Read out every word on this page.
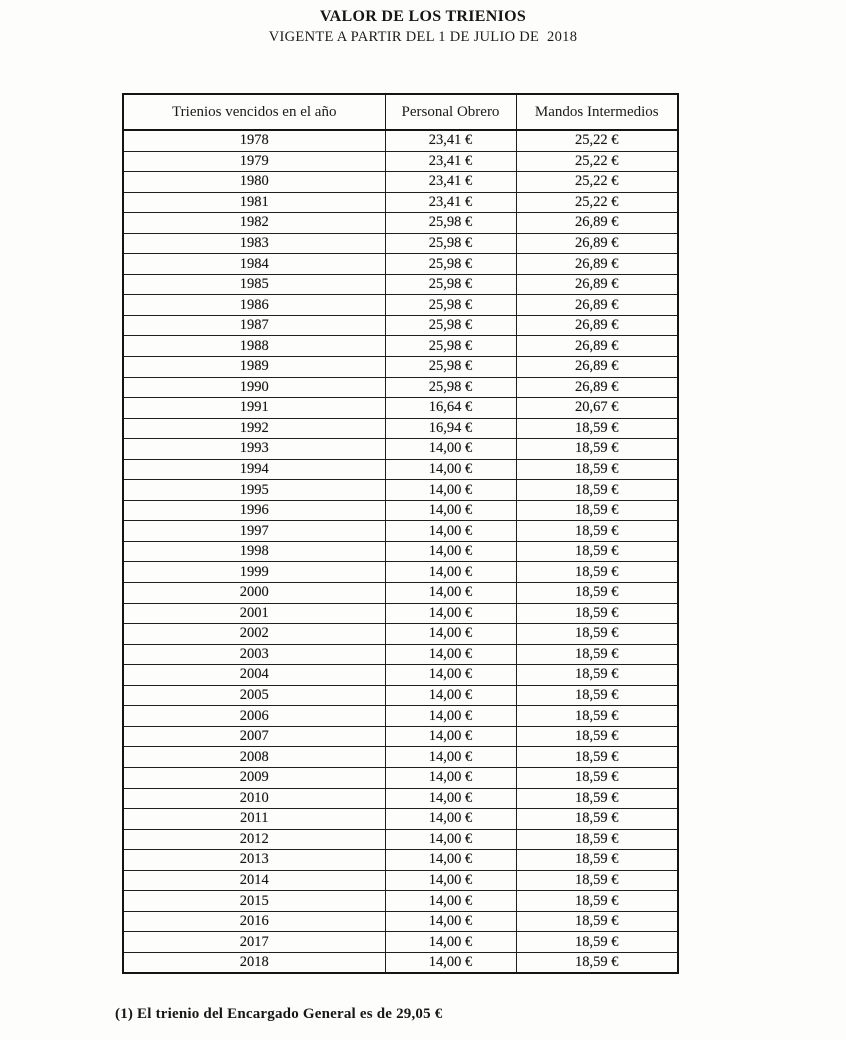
VALOR DE LOS TRIENIOS
VIGENTE A PARTIR DEL 1 DE JULIO DE  2018
Trienios vencidos en el año	Personal Obrero	Mandos Intermedios
1978	23,41 €	25,22 €
1979	23,41 €	25,22 €
1980	23,41 €	25,22 €
1981	23,41 €	25,22 €
1982	25,98 €	26,89 €
1983	25,98 €	26,89 €
1984	25,98 €	26,89 €
1985	25,98 €	26,89 €
1986	25,98 €	26,89 €
1987	25,98 €	26,89 €
1988	25,98 €	26,89 €
1989	25,98 €	26,89 €
1990	25,98 €	26,89 €
1991	16,64 €	20,67 €
1992	16,94 €	18,59 €
1993	14,00 €	18,59 €
1994	14,00 €	18,59 €
1995	14,00 €	18,59 €
1996	14,00 €	18,59 €
1997	14,00 €	18,59 €
1998	14,00 €	18,59 €
1999	14,00 €	18,59 €
2000	14,00 €	18,59 €
2001	14,00 €	18,59 €
2002	14,00 €	18,59 €
2003	14,00 €	18,59 €
2004	14,00 €	18,59 €
2005	14,00 €	18,59 €
2006	14,00 €	18,59 €
2007	14,00 €	18,59 €
2008	14,00 €	18,59 €
2009	14,00 €	18,59 €
2010	14,00 €	18,59 €
2011	14,00 €	18,59 €
2012	14,00 €	18,59 €
2013	14,00 €	18,59 €
2014	14,00 €	18,59 €
2015	14,00 €	18,59 €
2016	14,00 €	18,59 €
2017	14,00 €	18,59 €
2018	14,00 €	18,59 €
(1) El trienio del Encargado General es de 29,05 €
